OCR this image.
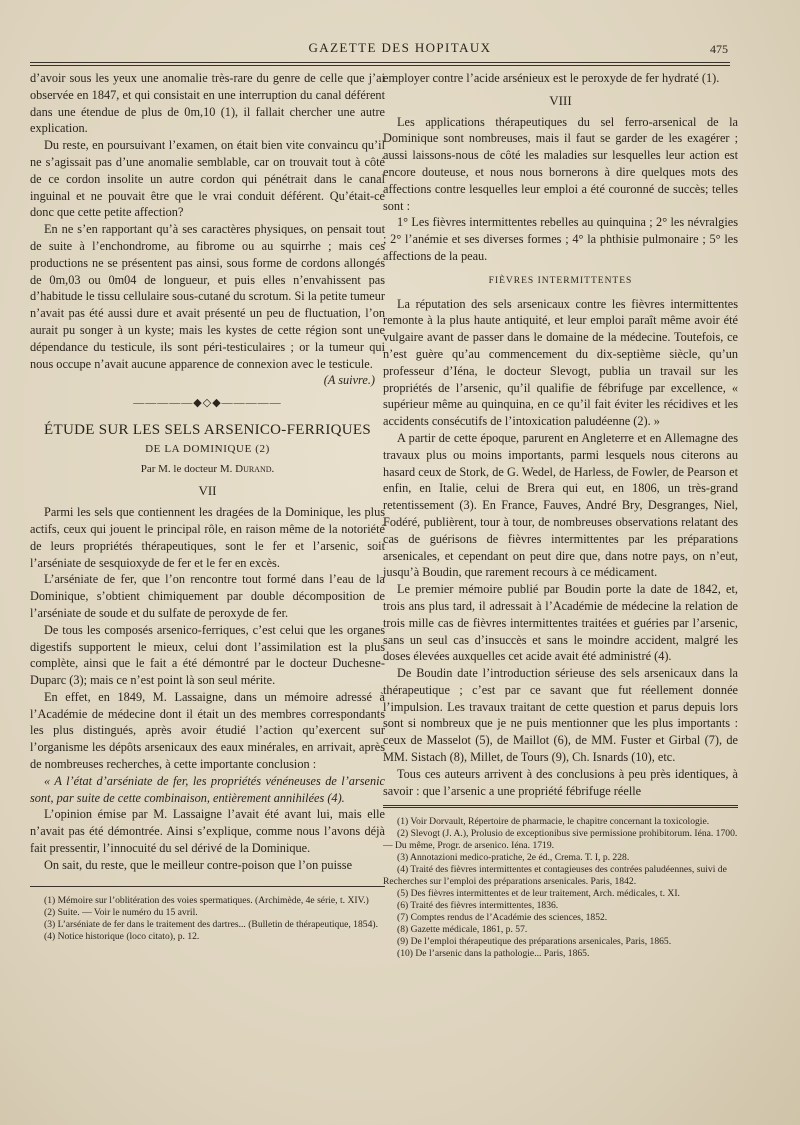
GAZETTE DES HOPITAUX	475

d’avoir sous les yeux une anomalie très-rare du genre de celle que j’ai observée en 1847, et qui consistait en une interruption du canal déférent dans une étendue de plus de 0m,10 (1), il fallait chercher une autre explication.

Du reste, en poursuivant l’examen, on était bien vite convaincu qu’il ne s’agissait pas d’une anomalie semblable, car on trouvait tout à côté de ce cordon insolite un autre cordon qui pénétrait dans le canal inguinal et ne pouvait être que le vrai conduit déférent. Qu’était-ce donc que cette petite affection?

En ne s’en rapportant qu’à ses caractères physiques, on pensait tout de suite à l’enchondrome, au fibrome ou au squirrhe ; mais ces productions ne se présentent pas ainsi, sous forme de cordons allongés de 0m,03 ou 0m04 de longueur, et puis elles n’envahissent pas d’habitude le tissu cellulaire sous-cutané du scrotum. Si la petite tumeur n’avait pas été aussi dure et avait présenté un peu de fluctuation, l’on aurait pu songer à un kyste; mais les kystes de cette région sont une dépendance du testicule, ils sont péri-testiculaires ; or la tumeur qui nous occupe n’avait aucune apparence de connexion avec le testicule.

(A suivre.)
—————◆◇◆—————
ÉTUDE SUR LES SELS ARSENICO-FERRIQUES
DE LA DOMINIQUE (2)
Par M. le docteur M. Durand.
VII

Parmi les sels que contiennent les dragées de la Dominique, les plus actifs, ceux qui jouent le principal rôle, en raison même de la notoriété de leurs propriétés thérapeutiques, sont le fer et l’arsenic, soit l’arséniate de sesquioxyde de fer et le fer en excès.

L’arséniate de fer, que l’on rencontre tout formé dans l’eau de la Dominique, s’obtient chimiquement par double décomposition de l’arséniate de soude et du sulfate de peroxyde de fer.

De tous les composés arsenico-ferriques, c’est celui que les organes digestifs supportent le mieux, celui dont l’assimilation est la plus complète, ainsi que le fait a été démontré par le docteur Duchesne-Duparc (3); mais ce n’est point là son seul mérite.

En effet, en 1849, M. Lassaigne, dans un mémoire adressé à l’Académie de médecine dont il était un des membres correspondants les plus distingués, après avoir étudié l’action qu’exercent sur l’organisme les dépôts arsenicaux des eaux minérales, en arrivait, après de nombreuses recherches, à cette importante conclusion :

« A l’état d’arséniate de fer, les propriétés vénéneuses de l’arsenic sont, par suite de cette combinaison, entièrement annihilées (4).

L’opinion émise par M. Lassaigne l’avait été avant lui, mais elle n’avait pas été démontrée. Ainsi s’explique, comme nous l’avons déjà fait pressentir, l’innocuité du sel dérivé de la Dominique.

On sait, du reste, que le meilleur contre-poison que l’on puisse

(1) Mémoire sur l’oblitération des voies spermatiques. (Archimède, 4e série, t. XIV.)

(2) Suite. — Voir le numéro du 15 avril.

(3) L’arséniate de fer dans le traitement des dartres... (Bulletin de thérapeutique, 1854).

(4) Notice historique (loco citato), p. 12.

employer contre l’acide arsénieux est le peroxyde de fer hydraté (1).

VIII

Les applications thérapeutiques du sel ferro-arsenical de la Dominique sont nombreuses, mais il faut se garder de les exagérer ; aussi laissons-nous de côté les maladies sur lesquelles leur action est encore douteuse, et nous nous bornerons à dire quelques mots des affections contre lesquelles leur emploi a été couronné de succès; telles sont :

1° Les fièvres intermittentes rebelles au quinquina ; 2° les névralgies ; 2° l’anémie et ses diverses formes ; 4° la phthisie pulmonaire ; 5° les affections de la peau.

FIÈVRES INTERMITTENTES

La réputation des sels arsenicaux contre les fièvres intermittentes remonte à la plus haute antiquité, et leur emploi paraît même avoir été vulgaire avant de passer dans le domaine de la médecine. Toutefois, ce n’est guère qu’au commencement du dix-septième siècle, qu’un professeur d’Iéna, le docteur Slevogt, publia un travail sur les propriétés de l’arsenic, qu’il qualifie de fébrifuge par excellence, « supérieur même au quinquina, en ce qu’il fait éviter les récidives et les accidents consécutifs de l’intoxication paludéenne (2). »

A partir de cette époque, parurent en Angleterre et en Allemagne des travaux plus ou moins importants, parmi lesquels nous citerons au hasard ceux de Stork, de G. Wedel, de Harless, de Fowler, de Pearson et enfin, en Italie, celui de Brera qui eut, en 1806, un très-grand retentissement (3). En France, Fauves, André Bry, Desgranges, Niel, Fodéré, publièrent, tour à tour, de nombreuses observations relatant des cas de guérisons de fièvres intermittentes par les préparations arsenicales, et cependant on peut dire que, dans notre pays, on n’eut, jusqu’à Boudin, que rarement recours à ce médicament.

Le premier mémoire publié par Boudin porte la date de 1842, et, trois ans plus tard, il adressait à l’Académie de médecine la relation de trois mille cas de fièvres intermittentes traitées et guéries par l’arsenic, sans un seul cas d’insuccès et sans le moindre accident, malgré les doses élevées auxquelles cet acide avait été administré (4).

De Boudin date l’introduction sérieuse des sels arsenicaux dans la thérapeutique ; c’est par ce savant que fut réellement donnée l’impulsion. Les travaux traitant de cette question et parus depuis lors sont si nombreux que je ne puis mentionner que les plus importants : ceux de Masselot (5), de Maillot (6), de MM. Fuster et Girbal (7), de MM. Sistach (8), Millet, de Tours (9), Ch. Isnards (10), etc.

Tous ces auteurs arrivent à des conclusions à peu près identiques, à savoir : que l’arsenic a une propriété fébrifuge réelle

(1) Voir Dorvault, Répertoire de pharmacie, le chapitre concernant la toxicologie.

(2) Slevogt (J. A.), Prolusio de exceptionibus sive permissione prohibitorum. Iéna. 1700. — Du même, Progr. de arsenico. Iéna. 1719.

(3) Annotazioni medico-pratiche, 2e éd., Crema. T. I, p. 228.

(4) Traité des fièvres intermittentes et contagieuses des contrées paludéennes, suivi de Recherches sur l’emploi des préparations arsenicales. Paris, 1842.

(5) Des fièvres intermittentes et de leur traitement, Arch. médicales, t. XI.

(6) Traité des fièvres intermittentes, 1836.

(7) Comptes rendus de l’Académie des sciences, 1852.

(8) Gazette médicale, 1861, p. 57.

(9) De l’emploi thérapeutique des préparations arsenicales, Paris, 1865.

(10) De l’arsenic dans la pathologie... Paris, 1865.
